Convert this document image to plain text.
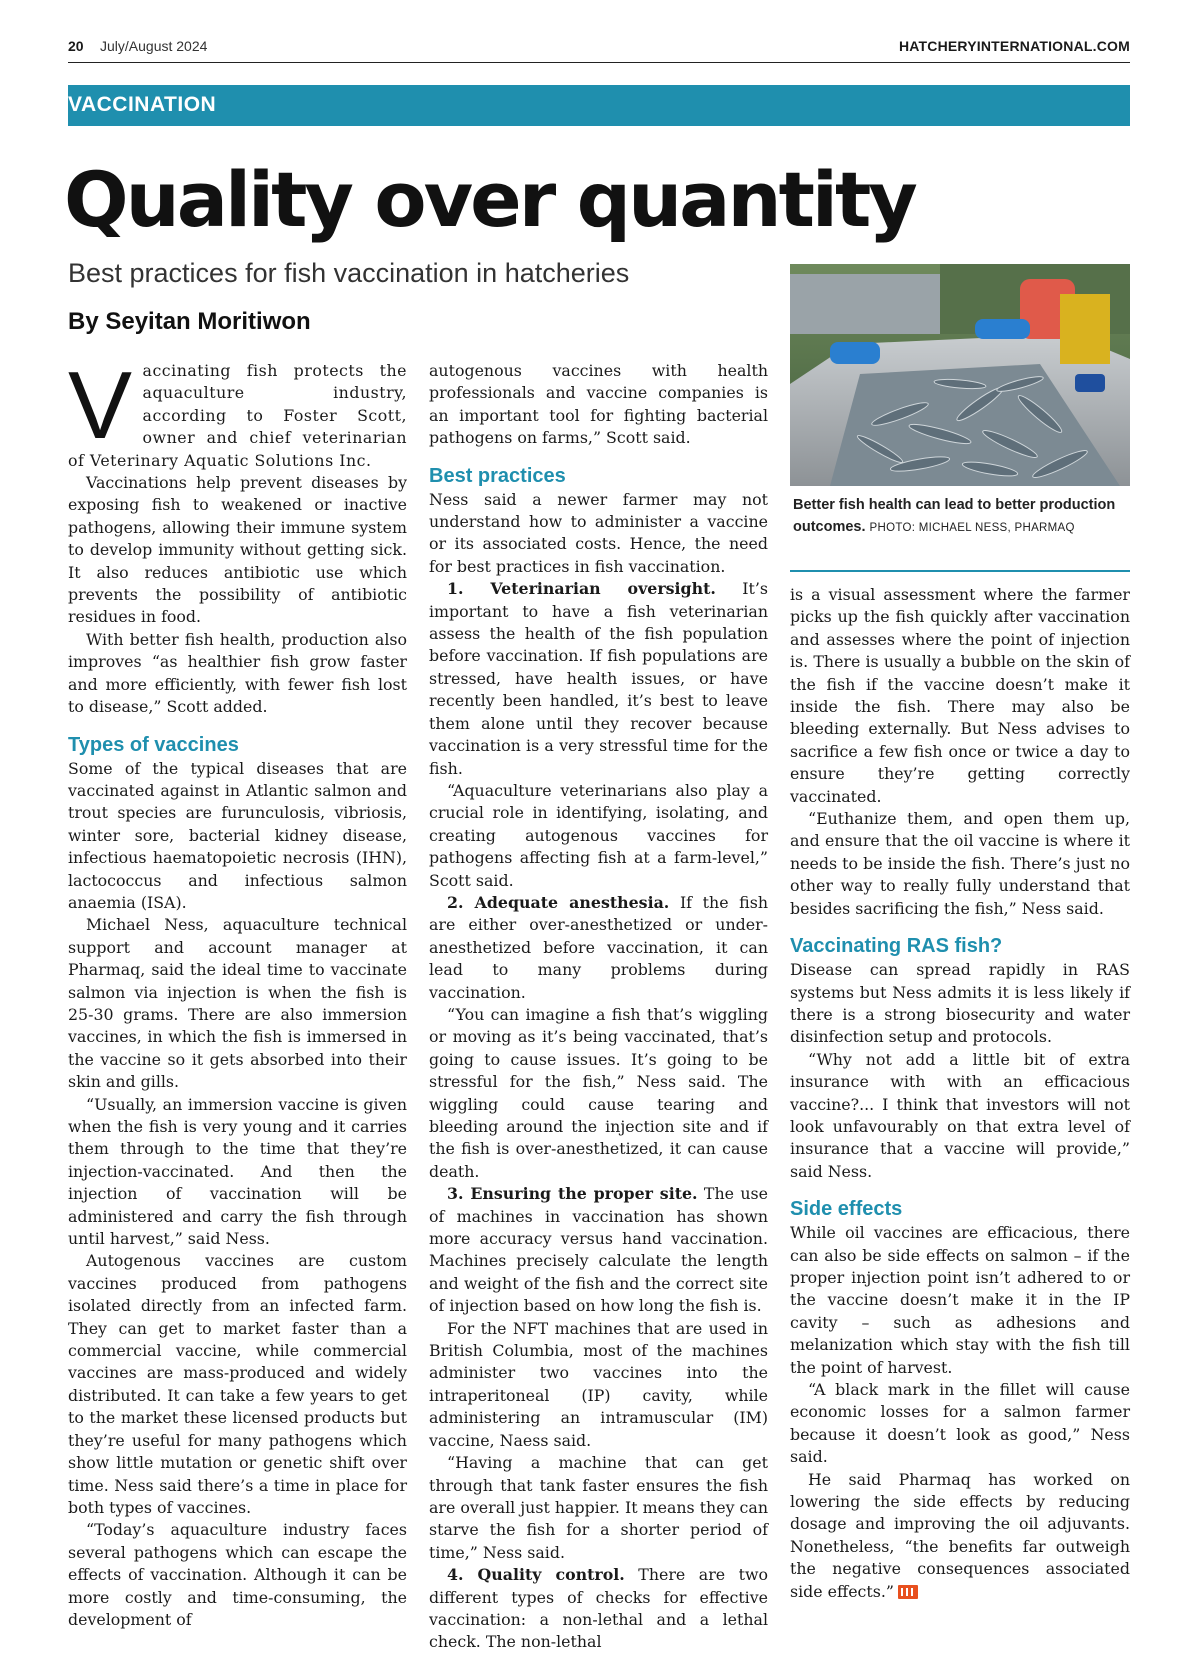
20 July/August 2024	HATCHERYINTERNATIONAL.COM
VACCINATION
Quality over quantity
Best practices for fish vaccination in hatcheries
By Seyitan Moritiwon

Vaccinating fish protects the aquaculture industry, according to Foster Scott, owner and chief veterinarian of Veterinary Aquatic Solutions Inc.

Vaccinations help prevent diseases by exposing fish to weakened or inactive pathogens, allowing their immune system to develop immunity without getting sick. It also reduces antibiotic use which prevents the possibility of antibiotic residues in food.

With better fish health, production also improves “as healthier fish grow faster and more efficiently, with fewer fish lost to disease,” Scott added.

Types of vaccines

Some of the typical diseases that are vaccinated against in Atlantic salmon and trout species are furunculosis, vibriosis, winter sore, bacterial kidney disease, infectious haematopoietic necrosis (IHN), lactococcus and infectious salmon anaemia (ISA).

Michael Ness, aquaculture technical support and account manager at Pharmaq, said the ideal time to vaccinate salmon via injection is when the fish is 25-30 grams. There are also immersion vaccines, in which the fish is immersed in the vaccine so it gets absorbed into their skin and gills.

“Usually, an immersion vaccine is given when the fish is very young and it carries them through to the time that they’re injection-vaccinated. And then the injection of vaccination will be administered and carry the fish through until harvest,” said Ness.

Autogenous vaccines are custom vaccines produced from pathogens isolated directly from an infected farm. They can get to market faster than a commercial vaccine, while commercial vaccines are mass-produced and widely distributed. It can take a few years to get to the market these licensed products but they’re useful for many pathogens which show little mutation or genetic shift over time. Ness said there’s a time in place for both types of vaccines.

“Today’s aquaculture industry faces several pathogens which can escape the effects of vaccination. Although it can be more costly and time-consuming, the development of

autogenous vaccines with health professionals and vaccine companies is an important tool for fighting bacterial pathogens on farms,” Scott said.

Best practices

Ness said a newer farmer may not understand how to administer a vaccine or its associated costs. Hence, the need for best practices in fish vaccination.

1. Veterinarian oversight. It’s important to have a fish veterinarian assess the health of the fish population before vaccination. If fish populations are stressed, have health issues, or have recently been handled, it’s best to leave them alone until they recover because vaccination is a very stressful time for the fish.

“Aquaculture veterinarians also play a crucial role in identifying, isolating, and creating autogenous vaccines for pathogens affecting fish at a farm-level,” Scott said.

2. Adequate anesthesia. If the fish are either over-anesthetized or under-anesthetized before vaccination, it can lead to many problems during vaccination.

“You can imagine a fish that’s wiggling or moving as it’s being vaccinated, that’s going to cause issues. It’s going to be stressful for the fish,” Ness said. The wiggling could cause tearing and bleeding around the injection site and if the fish is over-anesthetized, it can cause death.

3. Ensuring the proper site. The use of machines in vaccination has shown more accuracy versus hand vaccination. Machines precisely calculate the length and weight of the fish and the correct site of injection based on how long the fish is.

For the NFT machines that are used in British Columbia, most of the machines administer two vaccines into the intraperitoneal (IP) cavity, while administering an intramuscular (IM) vaccine, Naess said.

“Having a machine that can get through that tank faster ensures the fish are overall just happier. It means they can starve the fish for a shorter period of time,” Ness said.

4. Quality control. There are two different types of checks for effective vaccination: a non-lethal and a lethal check. The non-lethal

Better fish health can lead to better production outcomes. PHOTO: MICHAEL NESS, PHARMAQ

is a visual assessment where the farmer picks up the fish quickly after vaccination and assesses where the point of injection is. There is usually a bubble on the skin of the fish if the vaccine doesn’t make it inside the fish. There may also be bleeding externally. But Ness advises to sacrifice a few fish once or twice a day to ensure they’re getting correctly vaccinated.

“Euthanize them, and open them up, and ensure that the oil vaccine is where it needs to be inside the fish. There’s just no other way to really fully understand that besides sacrificing the fish,” Ness said.

Vaccinating RAS fish?

Disease can spread rapidly in RAS systems but Ness admits it is less likely if there is a strong biosecurity and water disinfection setup and protocols.

“Why not add a little bit of extra insurance with with an efficacious vaccine?... I think that investors will not look unfavourably on that extra level of insurance that a vaccine will provide,” said Ness.

Side effects

While oil vaccines are efficacious, there can also be side effects on salmon – if the proper injection point isn’t adhered to or the vaccine doesn’t make it in the IP cavity – such as adhesions and melanization which stay with the fish till the point of harvest.

“A black mark in the fillet will cause economic losses for a salmon farmer because it doesn’t look as good,” Ness said.

He said Pharmaq has worked on lowering the side effects by reducing dosage and improving the oil adjuvants. Nonetheless, “the benefits far outweigh the negative consequences associated side effects.”
